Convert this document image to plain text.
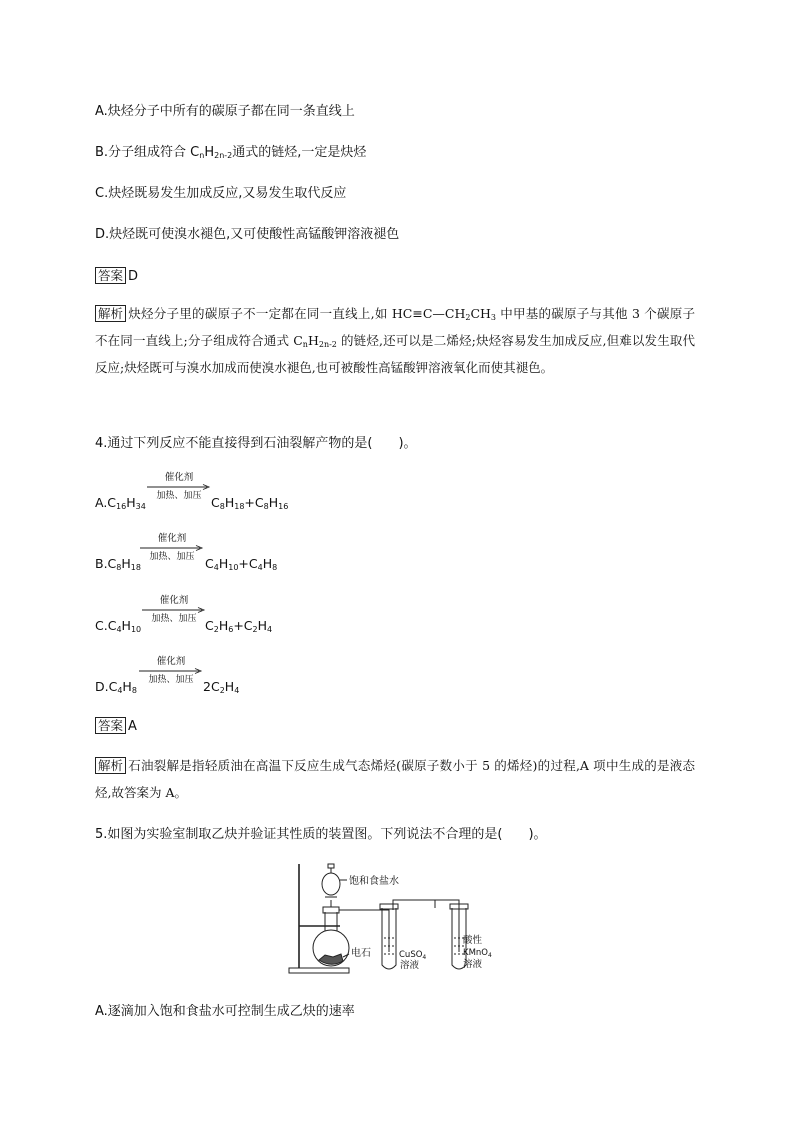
A.炔烃分子中所有的碳原子都在同一条直线上
B.分子组成符合 $C_nH_{2n-2}$通式的链烃,一定是炔烃
C.炔烃既易发生加成反应,又易发生取代反应
D.炔烃既可使溴水褪色,又可使酸性高锰酸钾溶液褪色
答案 D
解析 炔烃分子里的碳原子不一定都在同一直线上,如 $HC\equiv C—CH_2CH_3$ 中甲基的碳原子与其他 3 个碳原子不在同一直线上;分子组成符合通式 $C_nH_{2n-2}$ 的链烃,还可以是二烯烃;炔烃容易发生加成反应,但难以发生取代反应;炔烃既可与溴水加成而使溴水褪色,也可被酸性高锰酸钾溶液氧化而使其褪色。
4.通过下列反应不能直接得到石油裂解产物的是(　　)。
$A.C_{16}H_{34}$
催化剂
加热、加压 $C_8H_{18}+C_8H_{16}$
$B.C_8H_{18}$
催化剂
加热、加压 $C_4H_{10}+C_4H_8$
$C.C_4H_{10}$
催化剂
加热、加压 $C_2H_6+C_2H_4$
$D.C_4H_8$
催化剂
加热、加压 $2C_2H_4$
答案 A
解析 石油裂解是指轻质油在高温下反应生成气态烯烃(碳原子数小于 5 的烯烃)的过程,A 项中生成的是液态烃,故答案为 A。
5.如图为实验室制取乙炔并验证其性质的装置图。下列说法不合理的是(　　)。
饱和食盐水
电石	CuSO$_4$
溶液
酸性
KMnO$_4$
溶液
A.逐滴加入饱和食盐水可控制生成乙炔的速率
